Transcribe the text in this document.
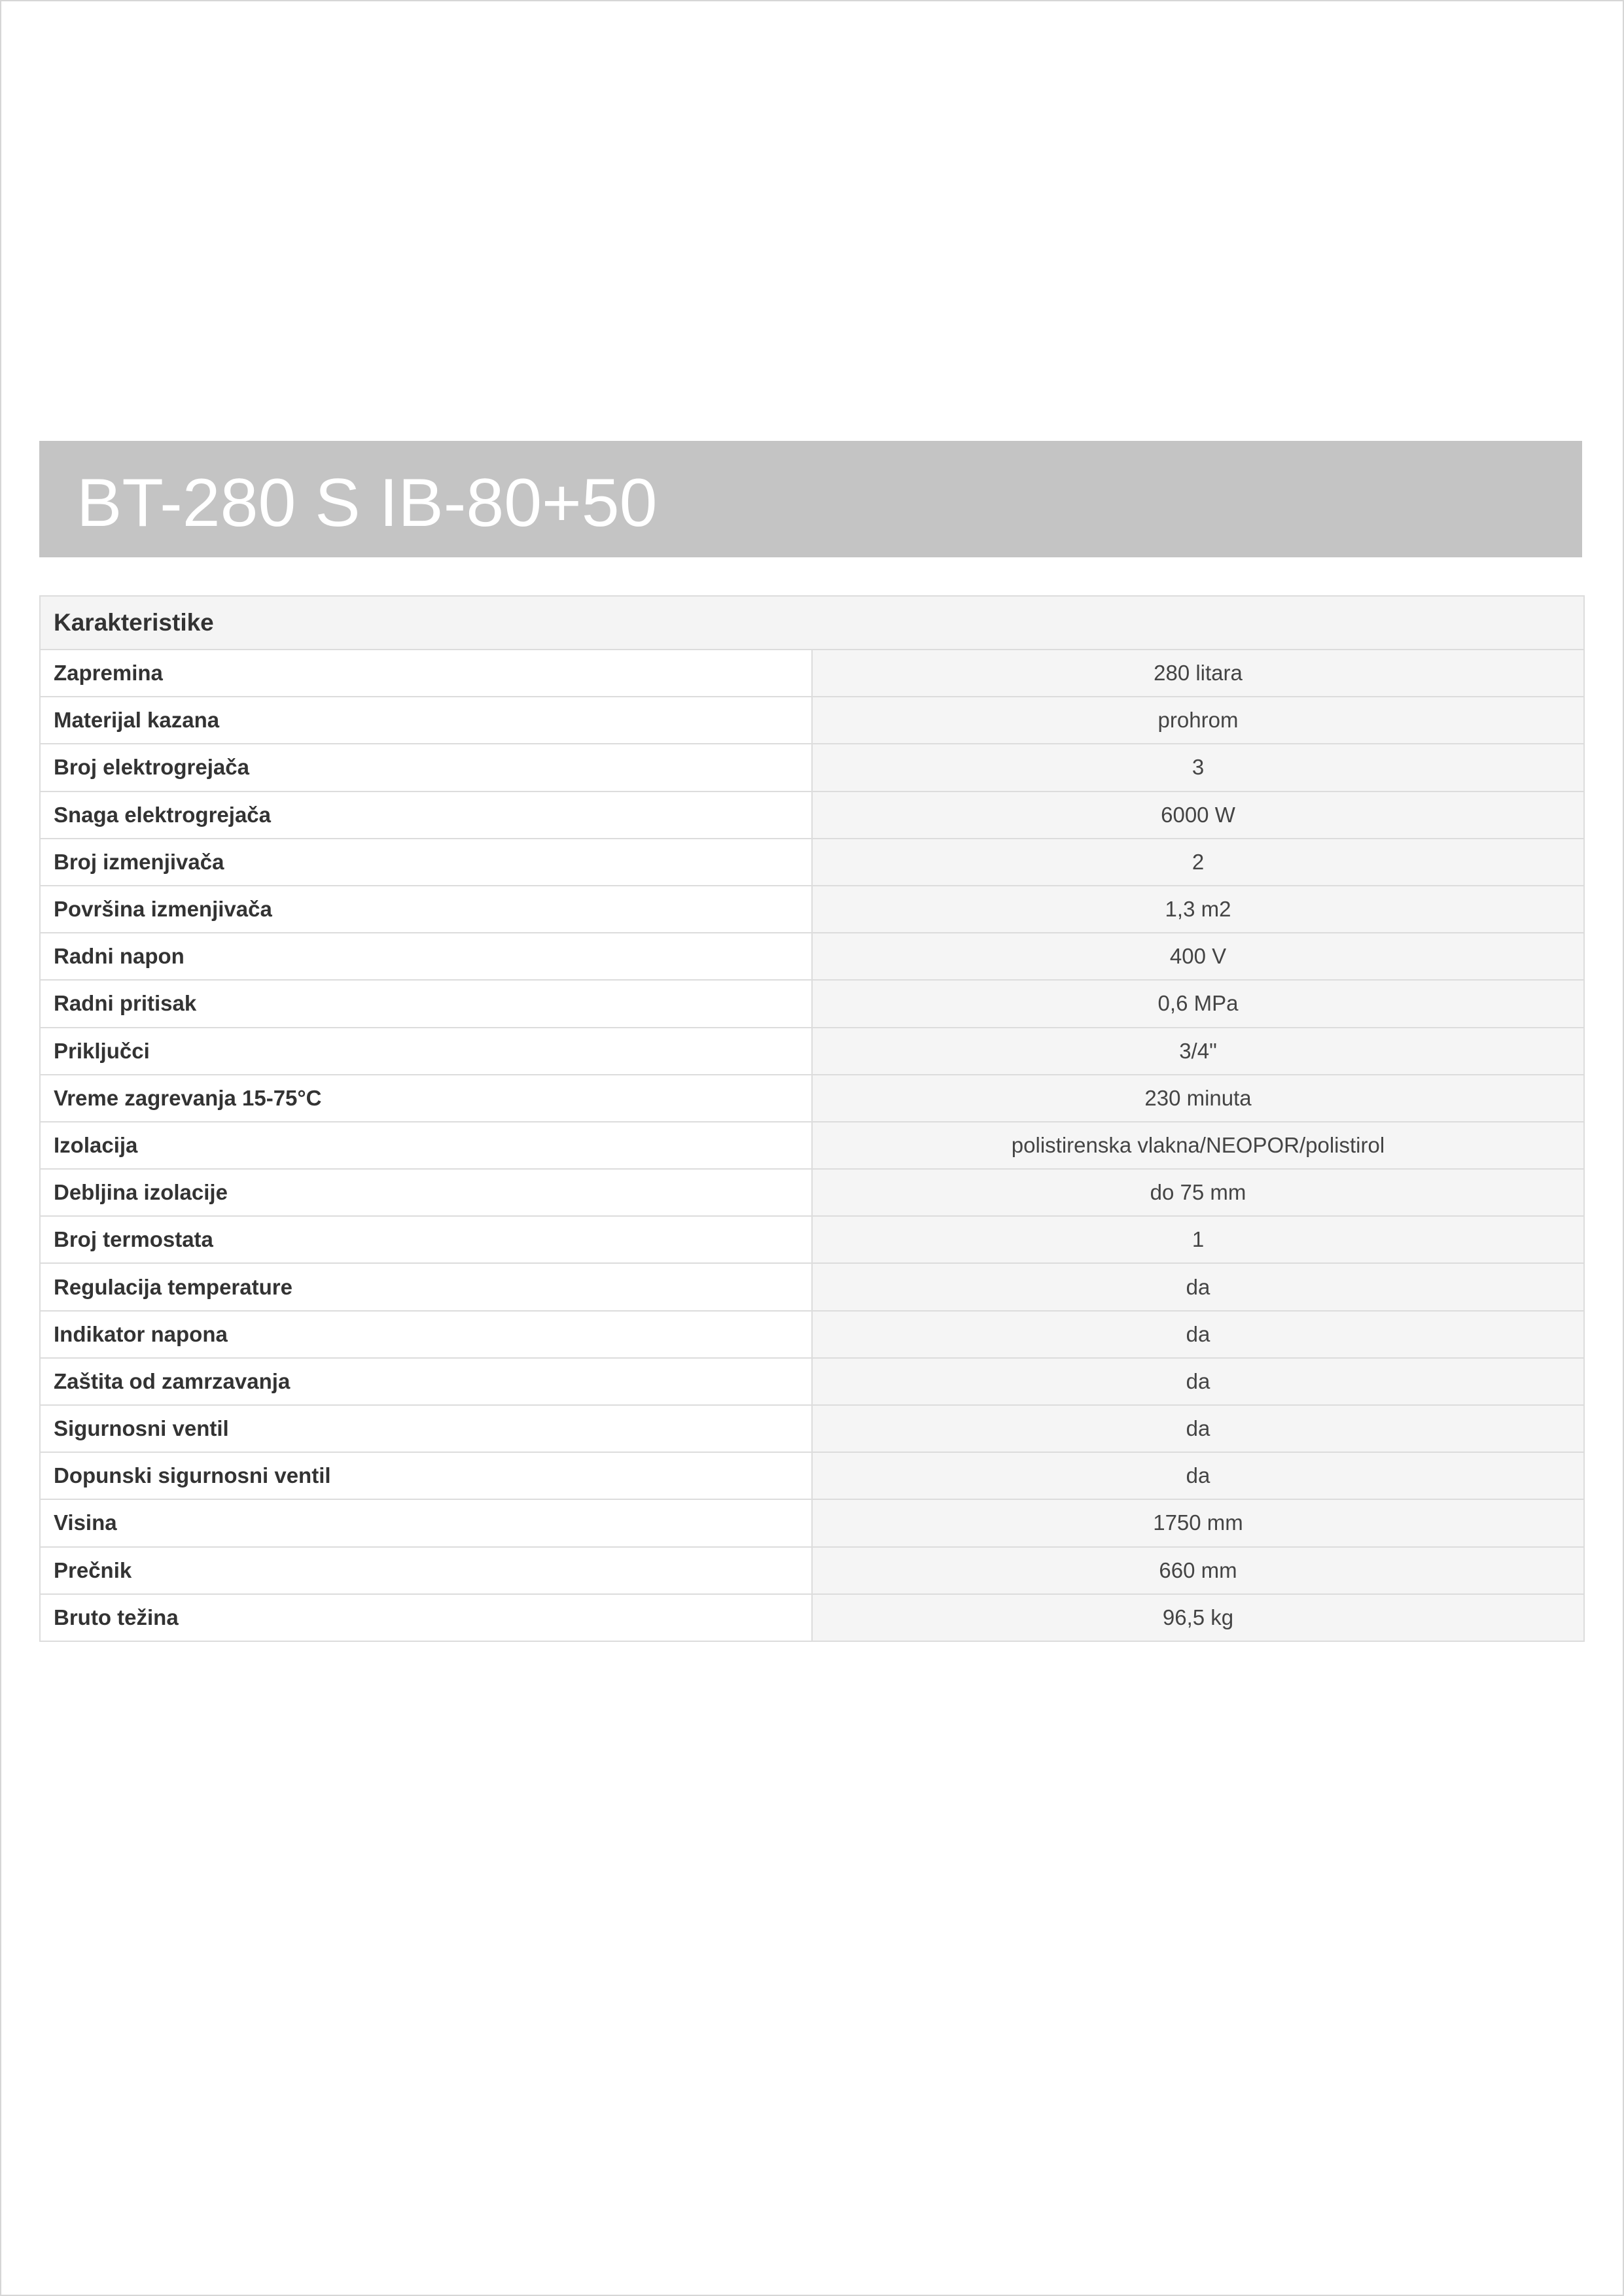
BT-280 S IB-80+50
Karakteristike	
Zapremina	280 litara
Materijal kazana	prohrom
Broj elektrogrejača	3
Snaga elektrogrejača	6000 W
Broj izmenjivača	2
Površina izmenjivača	1,3 m2
Radni napon	400 V
Radni pritisak	0,6 MPa
Priključci	3/4"
Vreme zagrevanja 15-75°C	230 minuta
Izolacija	polistirenska vlakna/NEOPOR/polistirol
Debljina izolacije	do 75 mm
Broj termostata	1
Regulacija temperature	da
Indikator napona	da
Zaštita od zamrzavanja	da
Sigurnosni ventil	da
Dopunski sigurnosni ventil	da
Visina	1750 mm
Prečnik	660 mm
Bruto težina	96,5 kg
